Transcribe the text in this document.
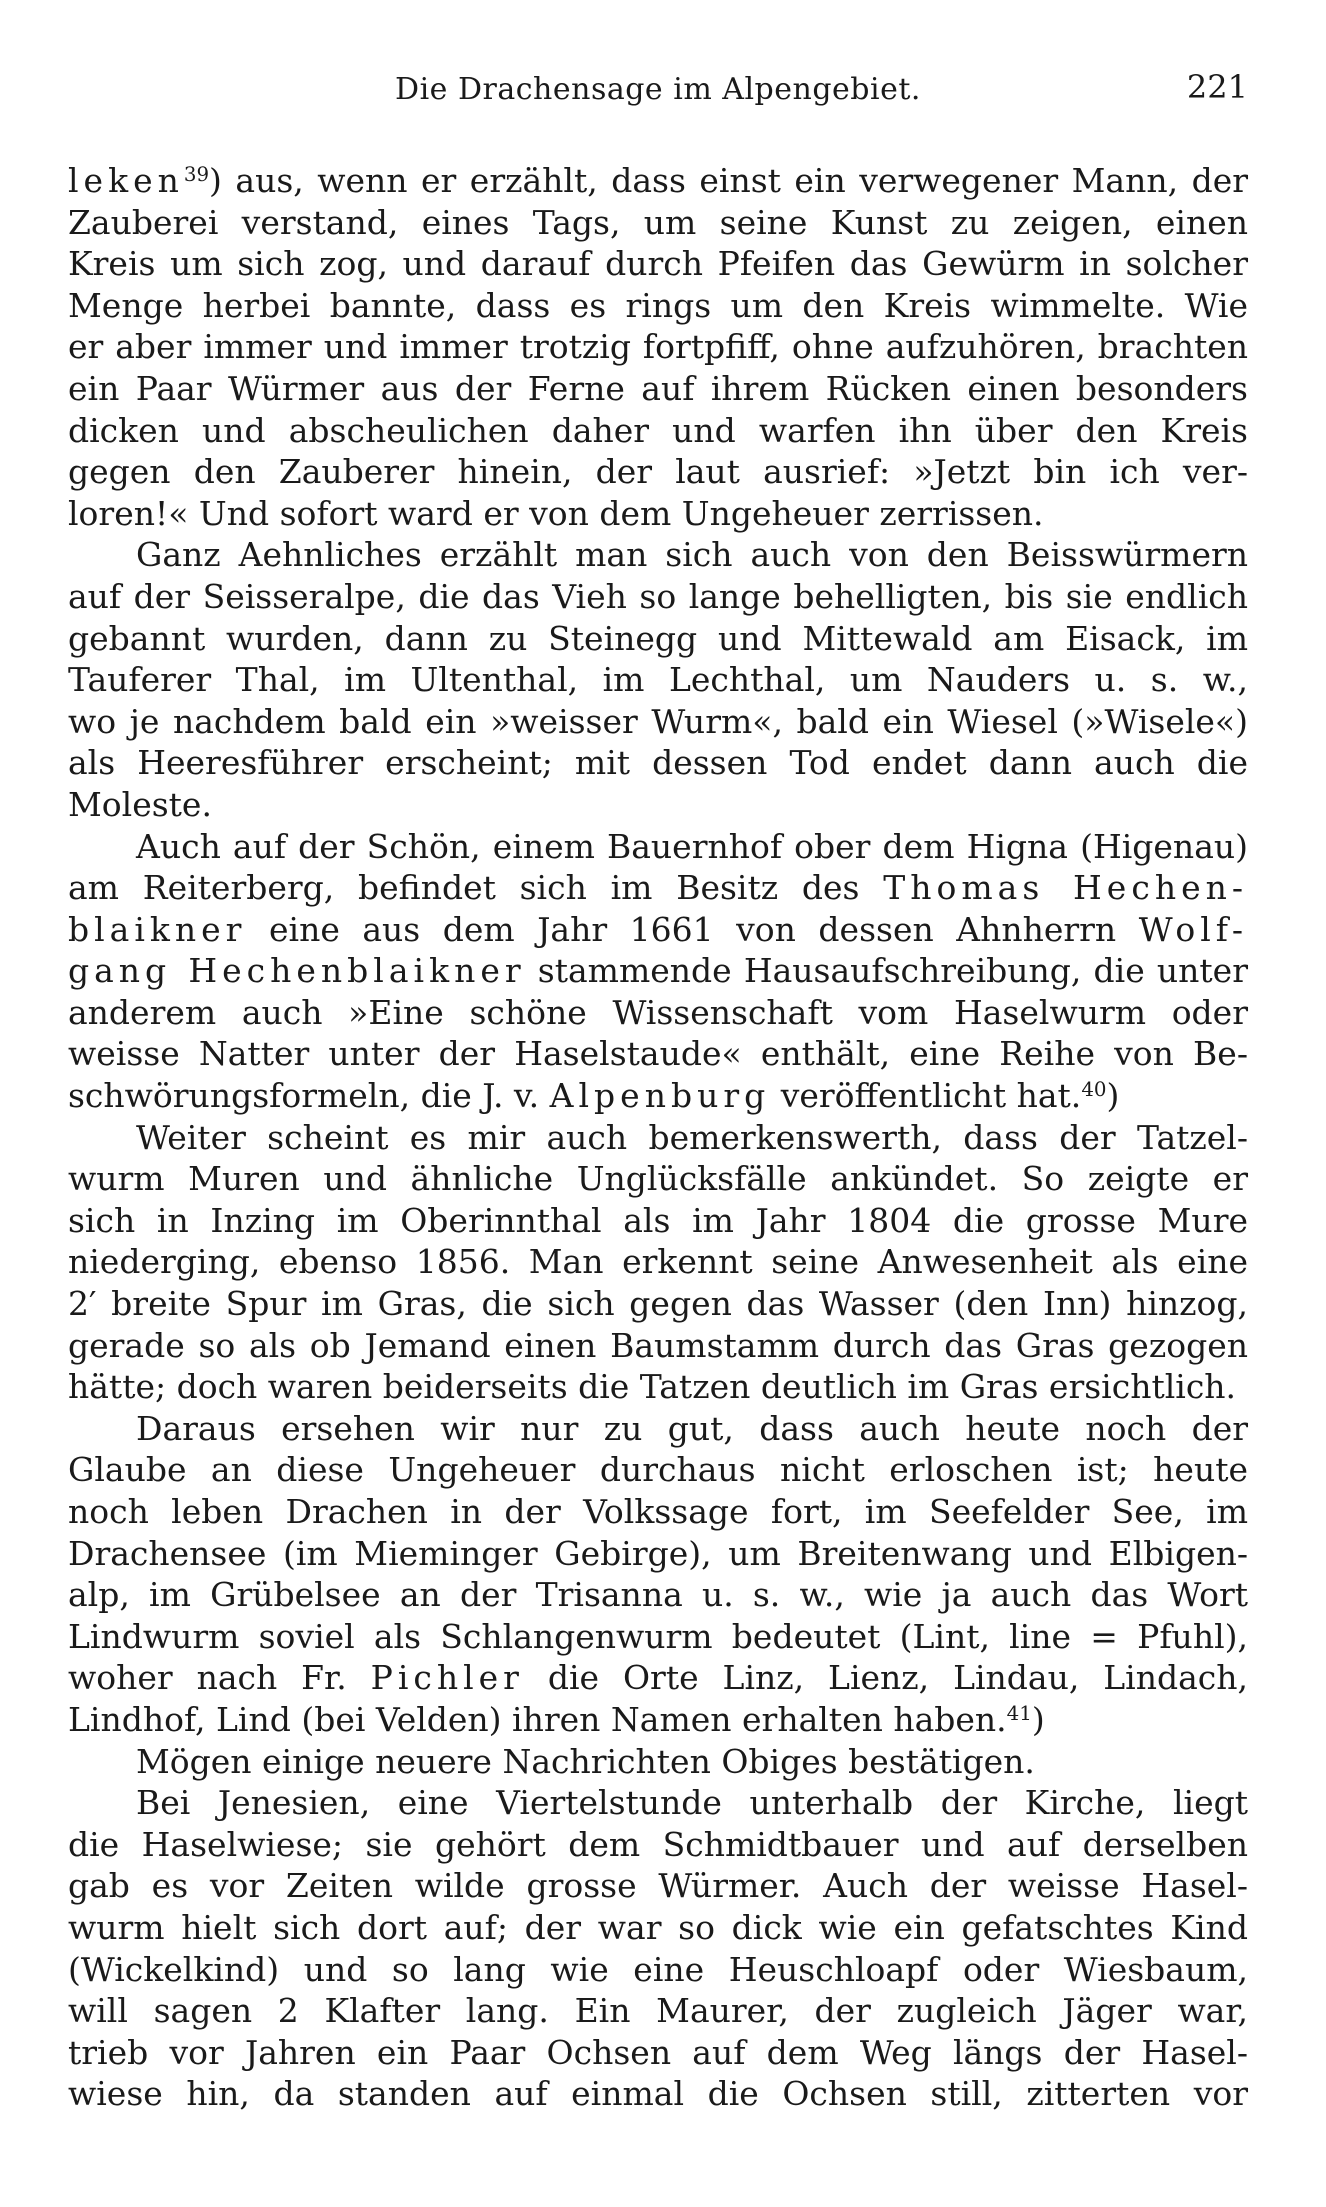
Die Drachensage im Alpengebiet.	221
leken$^{39}$) aus, wenn er erzählt, dass einst ein verwegener Mann, der
Zauberei verstand, eines Tags, um seine Kunst zu zeigen, einen
Kreis um sich zog, und darauf durch Pfeifen das Gewürm in solcher
Menge herbei bannte, dass es rings um den Kreis wimmelte. Wie
er aber immer und immer trotzig fortpfiff, ohne aufzuhören, brachten
ein Paar Würmer aus der Ferne auf ihrem Rücken einen besonders
dicken und abscheulichen daher und warfen ihn über den Kreis
gegen den Zauberer hinein, der laut ausrief: »Jetzt bin ich ver-
loren!« Und sofort ward er von dem Ungeheuer zerrissen.
Ganz Aehnliches erzählt man sich auch von den Beisswürmern
auf der Seisseralpe, die das Vieh so lange behelligten, bis sie endlich
gebannt wurden, dann zu Steinegg und Mittewald am Eisack, im
Tauferer Thal, im Ultenthal, im Lechthal, um Nauders u. s. w.,
wo je nachdem bald ein »weisser Wurm«, bald ein Wiesel (»Wisele«)
als Heeresführer erscheint; mit dessen Tod endet dann auch die
Moleste.
Auch auf der Schön, einem Bauernhof ober dem Higna (Higenau)
am Reiterberg, befindet sich im Besitz des Thomas Hechen-
blaikner eine aus dem Jahr 1661 von dessen Ahnherrn Wolf-
gang Hechenblaikner stammende Hausaufschreibung, die unter
anderem auch »Eine schöne Wissenschaft vom Haselwurm oder
weisse Natter unter der Haselstaude« enthält, eine Reihe von Be-
schwörungsformeln, die J. v. Alpenburg veröffentlicht hat.$^{40}$)
Weiter scheint es mir auch bemerkenswerth, dass der Tatzel-
wurm Muren und ähnliche Unglücksfälle ankündet. So zeigte er
sich in Inzing im Oberinnthal als im Jahr 1804 die grosse Mure
niederging, ebenso 1856. Man erkennt seine Anwesenheit als eine
2′ breite Spur im Gras, die sich gegen das Wasser (den Inn) hinzog,
gerade so als ob Jemand einen Baumstamm durch das Gras gezogen
hätte; doch waren beiderseits die Tatzen deutlich im Gras ersichtlich.
Daraus ersehen wir nur zu gut, dass auch heute noch der
Glaube an diese Ungeheuer durchaus nicht erloschen ist; heute
noch leben Drachen in der Volkssage fort, im Seefelder See, im
Drachensee (im Mieminger Gebirge), um Breitenwang und Elbigen-
alp, im Grübelsee an der Trisanna u. s. w., wie ja auch das Wort
Lindwurm soviel als Schlangenwurm bedeutet (Lint, line = Pfuhl),
woher nach Fr. Pichler die Orte Linz, Lienz, Lindau, Lindach,
Lindhof, Lind (bei Velden) ihren Namen erhalten haben.$^{41}$)
Mögen einige neuere Nachrichten Obiges bestätigen.
Bei Jenesien, eine Viertelstunde unterhalb der Kirche, liegt
die Haselwiese; sie gehört dem Schmidtbauer und auf derselben
gab es vor Zeiten wilde grosse Würmer. Auch der weisse Hasel-
wurm hielt sich dort auf; der war so dick wie ein gefatschtes Kind
(Wickelkind) und so lang wie eine Heuschloapf oder Wiesbaum,
will sagen 2 Klafter lang. Ein Maurer, der zugleich Jäger war,
trieb vor Jahren ein Paar Ochsen auf dem Weg längs der Hasel-
wiese hin, da standen auf einmal die Ochsen still, zitterten vor
